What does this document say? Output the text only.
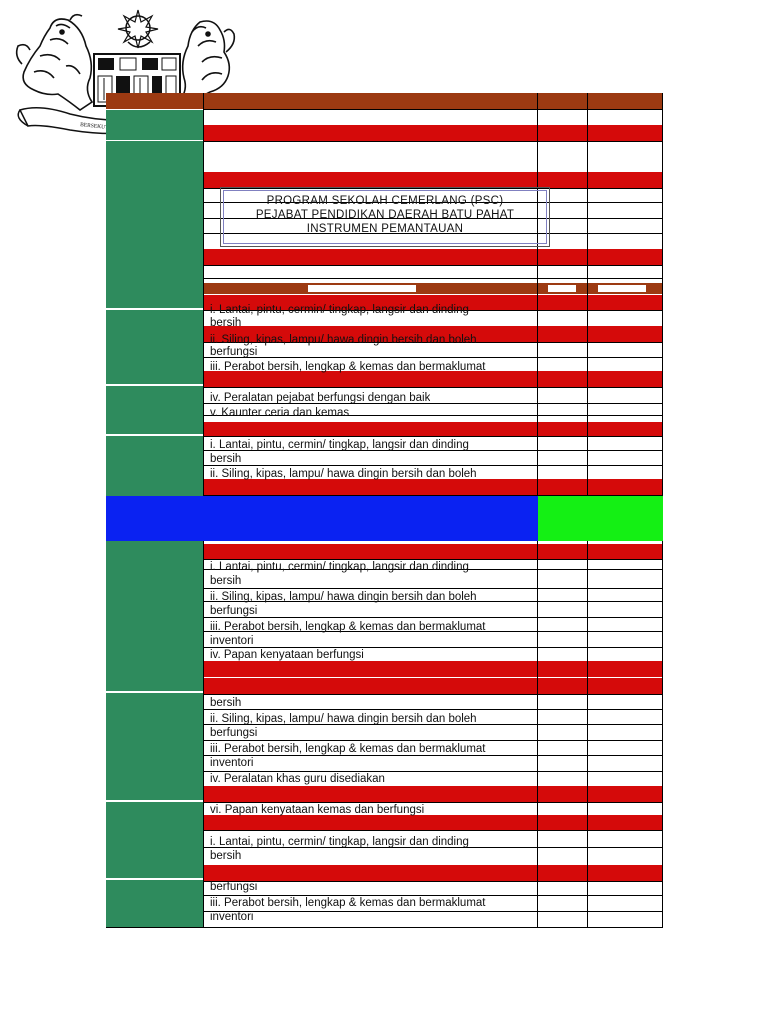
BERSEKUTU
PROGRAM SEKOLAH CEMERLANG (PSC)
PEJABAT PENDIDIKAN DAERAH BATU PAHAT
INSTRUMEN PEMANTAUAN
i. Lantai, pintu, cermin/ tingkap, langsir dan dinding
bersih
ii. Siling, kipas, lampu/ hawa dingin bersih dan boleh
berfungsi
iii. Perabot bersih, lengkap & kemas dan bermaklumat
iv. Peralatan pejabat berfungsi dengan baik
v. Kaunter ceria dan kemas
i. Lantai, pintu, cermin/ tingkap, langsir dan dinding
bersih
ii. Siling, kipas, lampu/ hawa dingin bersih dan boleh
i. Lantai, pintu, cermin/ tingkap, langsir dan dinding
bersih
ii. Siling, kipas, lampu/ hawa dingin bersih dan boleh
berfungsi
iii. Perabot bersih, lengkap & kemas dan bermaklumat
inventori
iv. Papan kenyataan berfungsi
bersih
ii. Siling, kipas, lampu/ hawa dingin bersih dan boleh
berfungsi
iii. Perabot bersih, lengkap & kemas dan bermaklumat
inventori
iv. Peralatan khas guru disediakan
vi. Papan kenyataan kemas dan berfungsi
i. Lantai, pintu, cermin/ tingkap, langsir dan dinding
bersih
berfungsi
iii. Perabot bersih, lengkap & kemas dan bermaklumat
inventori
